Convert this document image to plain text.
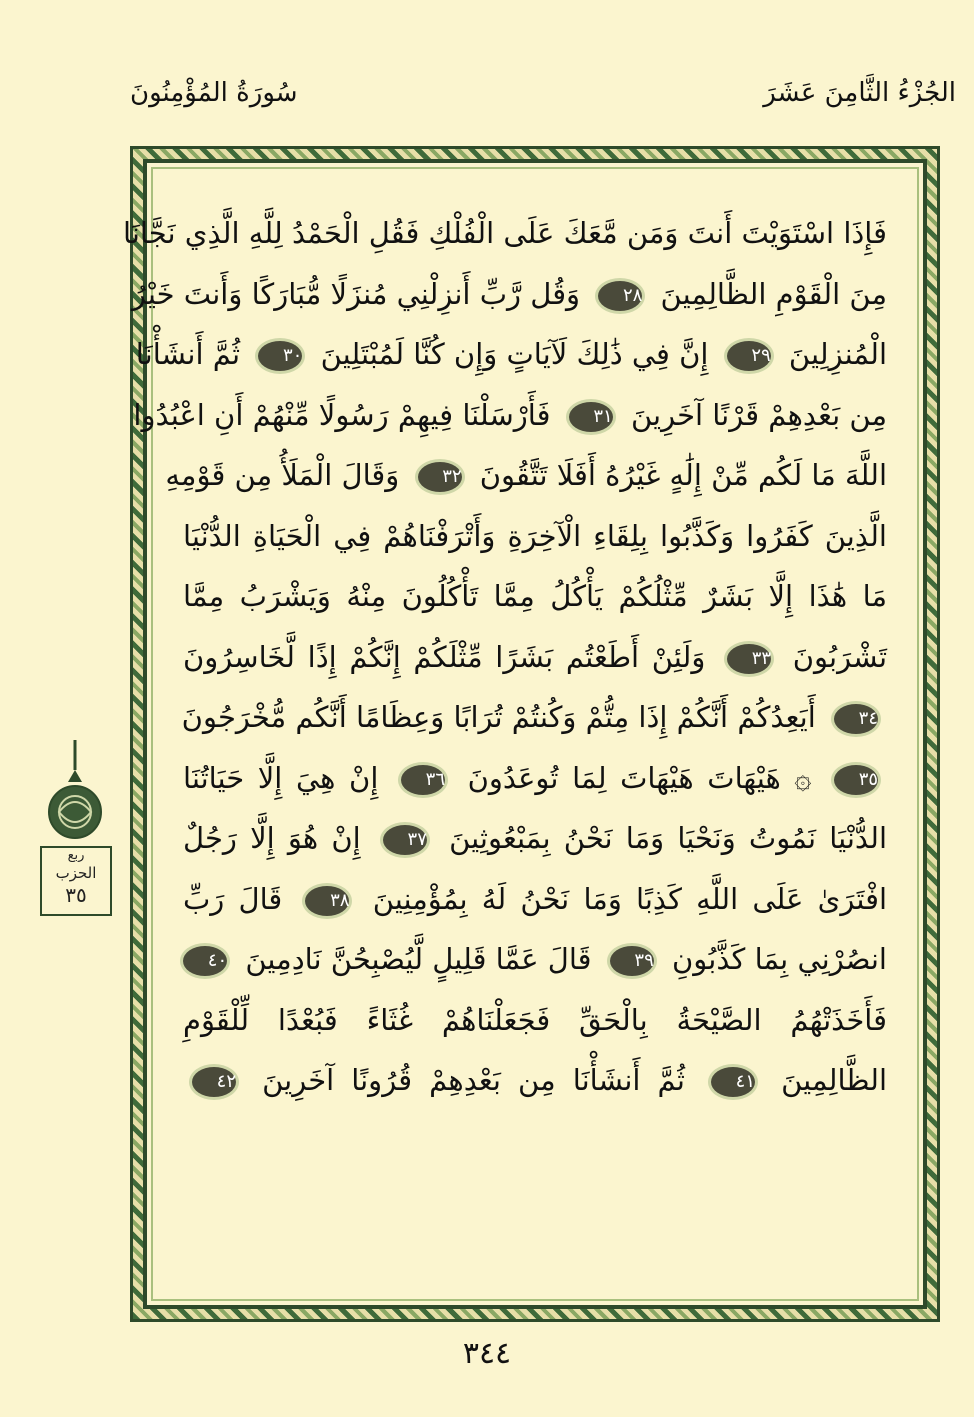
سُورَةُ المُؤْمِنُونَ	الجُزْءُ الثَّامِنَ عَشَرَ
ربع
الحزب
٣٥
فَإِذَا اسْتَوَيْتَ أَنتَ وَمَن مَّعَكَ عَلَى الْفُلْكِ فَقُلِ الْحَمْدُ لِلَّهِ الَّذِي نَجَّانَا
مِنَ الْقَوْمِ الظَّالِمِينَ ٢٨ وَقُل رَّبِّ أَنزِلْنِي مُنزَلًا مُّبَارَكًا وَأَنتَ خَيْرُ
الْمُنزِلِينَ ٢٩ إِنَّ فِي ذَٰلِكَ لَآيَاتٍ وَإِن كُنَّا لَمُبْتَلِينَ ٣٠ ثُمَّ أَنشَأْنَا
مِن بَعْدِهِمْ قَرْنًا آخَرِينَ ٣١ فَأَرْسَلْنَا فِيهِمْ رَسُولًا مِّنْهُمْ أَنِ اعْبُدُوا
اللَّهَ مَا لَكُم مِّنْ إِلَٰهٍ غَيْرُهُ أَفَلَا تَتَّقُونَ ٣٢ وَقَالَ الْمَلَأُ مِن قَوْمِهِ
الَّذِينَ كَفَرُوا وَكَذَّبُوا بِلِقَاءِ الْآخِرَةِ وَأَتْرَفْنَاهُمْ فِي الْحَيَاةِ الدُّنْيَا
مَا هَٰذَا إِلَّا بَشَرٌ مِّثْلُكُمْ يَأْكُلُ مِمَّا تَأْكُلُونَ مِنْهُ وَيَشْرَبُ مِمَّا
تَشْرَبُونَ ٣٣ وَلَئِنْ أَطَعْتُم بَشَرًا مِّثْلَكُمْ إِنَّكُمْ إِذًا لَّخَاسِرُونَ
٣٤ أَيَعِدُكُمْ أَنَّكُمْ إِذَا مِتُّمْ وَكُنتُمْ تُرَابًا وَعِظَامًا أَنَّكُم مُّخْرَجُونَ
٣٥ ۞ هَيْهَاتَ هَيْهَاتَ لِمَا تُوعَدُونَ ٣٦ إِنْ هِيَ إِلَّا حَيَاتُنَا
الدُّنْيَا نَمُوتُ وَنَحْيَا وَمَا نَحْنُ بِمَبْعُوثِينَ ٣٧ إِنْ هُوَ إِلَّا رَجُلٌ
افْتَرَىٰ عَلَى اللَّهِ كَذِبًا وَمَا نَحْنُ لَهُ بِمُؤْمِنِينَ ٣٨ قَالَ رَبِّ
انصُرْنِي بِمَا كَذَّبُونِ ٣٩ قَالَ عَمَّا قَلِيلٍ لَّيُصْبِحُنَّ نَادِمِينَ ٤٠
فَأَخَذَتْهُمُ الصَّيْحَةُ بِالْحَقِّ فَجَعَلْنَاهُمْ غُثَاءً فَبُعْدًا لِّلْقَوْمِ
الظَّالِمِينَ ٤١ ثُمَّ أَنشَأْنَا مِن بَعْدِهِمْ قُرُونًا آخَرِينَ ٤٢
٣٤٤
